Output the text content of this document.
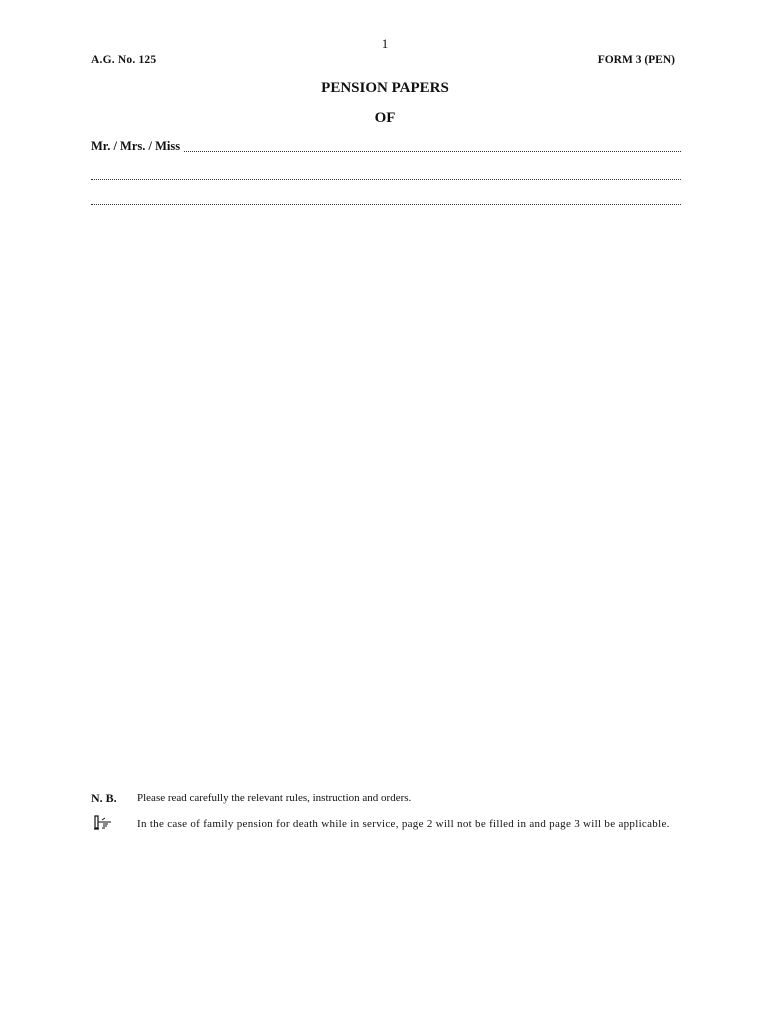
1
A.G. No. 125	FORM 3 (PEN)
PENSION PAPERS
OF
Mr. / Mrs. / Miss
N. B. Please read carefully the relevant rules, instruction and orders.
In the case of family pension for death while in service, page 2 will not be filled in and page 3 will be applicable.
